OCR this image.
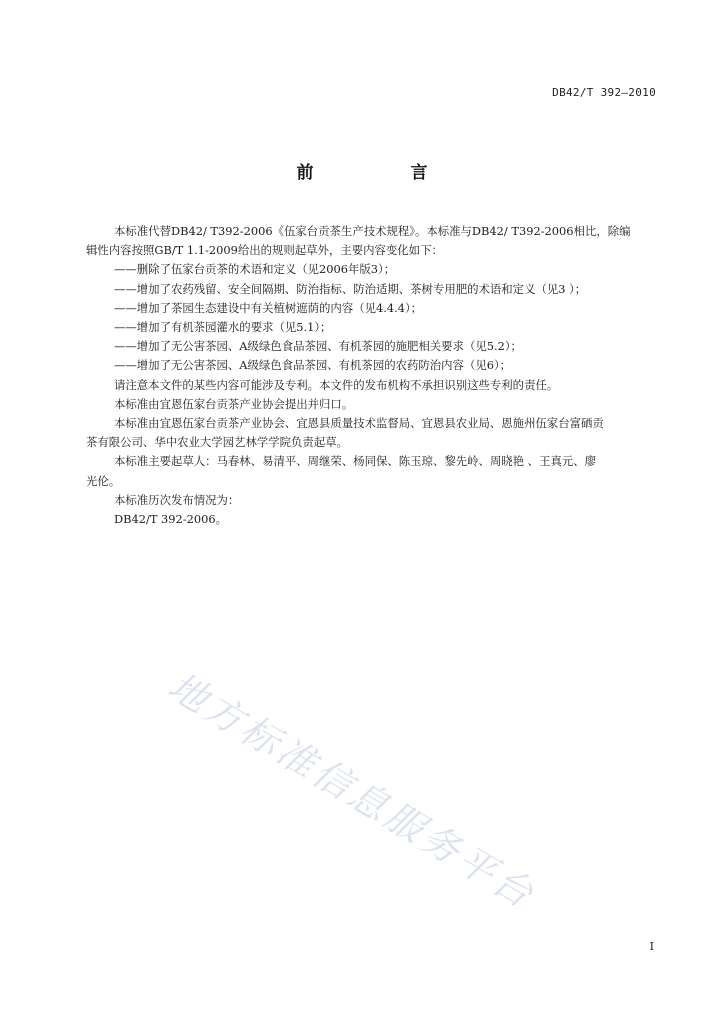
DB42/T 392—2010
前　言

本标准代替DB42/ T392-2006《伍家台贡茶生产技术规程》。本标准与DB42/ T392-2006相比，除编

辑性内容按照GB/T 1.1-2009给出的规则起草外，主要内容变化如下：

——删除了伍家台贡茶的术语和定义（见2006年版3）；

——增加了农药残留、安全间隔期、防治指标、防治适期、茶树专用肥的术语和定义（见3 ）；

——增加了茶园生态建设中有关植树遮荫的内容（见4.4.4）；

——增加了有机茶园灌水的要求（见5.1）；

——增加了无公害茶园、A级绿色食品茶园、有机茶园的施肥相关要求（见5.2）；

——增加了无公害茶园、A级绿色食品茶园、有机茶园的农药防治内容（见6）；

请注意本文件的某些内容可能涉及专利。本文件的发布机构不承担识别这些专利的责任。

本标准由宜恩伍家台贡茶产业协会提出并归口。

本标准由宜恩伍家台贡茶产业协会、宜恩县质量技术监督局、宜恩县农业局、恩施州伍家台富硒贡

茶有限公司、华中农业大学园艺林学学院负责起草。

本标准主要起草人：马春林、易清平、周继荣、杨同保、陈玉琼、黎先岭、周晓艳 、王真元、廖

光伦。

本标准历次发布情况为：

DB42/T 392-2006。

地方标准信息服务平台
I
